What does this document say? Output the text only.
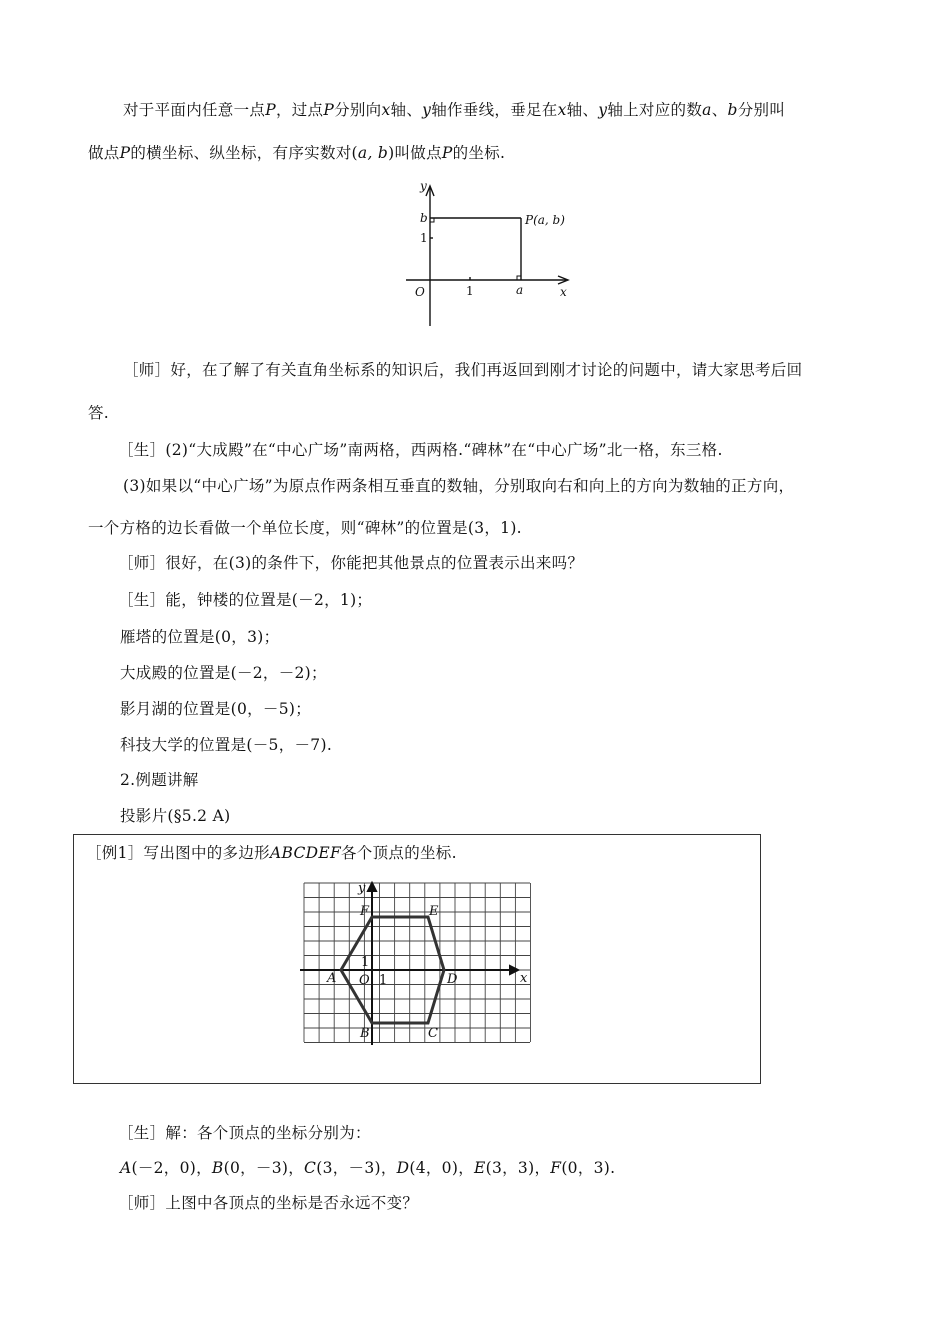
对于平面内任意一点P，过点P分别向x轴、y轴作垂线，垂足在x轴、y轴上对应的数a、b分别叫
做点P的横坐标、纵坐标，有序实数对(a, b)叫做点P的坐标.
y
x
O	a
b	P(a, b)
1
1
［师］好，在了解了有关直角坐标系的知识后，我们再返回到刚才讨论的问题中，请大家思考后回
答.
［生］(2)“大成殿”在“中心广场”南两格，西两格.“碑林”在“中心广场”北一格，东三格.
(3)如果以“中心广场”为原点作两条相互垂直的数轴，分别取向右和向上的方向为数轴的正方向，
一个方格的边长看做一个单位长度，则“碑林”的位置是(3，1).
［师］很好，在(3)的条件下，你能把其他景点的位置表示出来吗？
［生］能，钟楼的位置是(－2，1)；
雁塔的位置是(0，3)；
大成殿的位置是(－2，－2)；
影月湖的位置是(0，－5)；
科技大学的位置是(－5，－7).
2.例题讲解
投影片(§5.2 A)
［例1］写出图中的多边形ABCDEF各个顶点的坐标.
y
x
O
A
B	C
D
E
F
1
1
［生］解：各个顶点的坐标分别为：
A(－2，0)，B(0，－3)，C(3，－3)，D(4，0)，E(3，3)，F(0，3).
［师］上图中各顶点的坐标是否永远不变？
